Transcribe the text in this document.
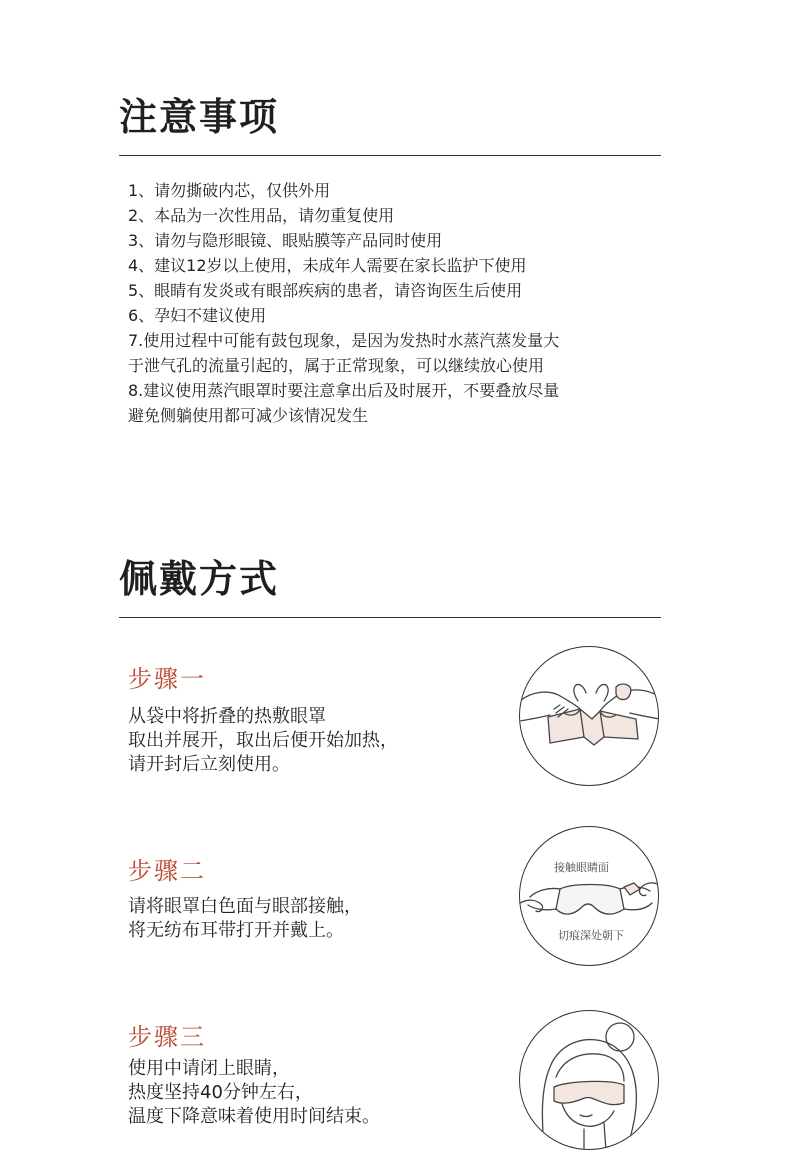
注意事项
1、请勿撕破内芯，仅供外用
2、本品为一次性用品，请勿重复使用
3、请勿与隐形眼镜、眼贴膜等产品同时使用
4、建议12岁以上使用，未成年人需要在家长监护下使用
5、眼睛有发炎或有眼部疾病的患者，请咨询医生后使用
6、孕妇不建议使用
7.使用过程中可能有鼓包现象，是因为发热时水蒸汽蒸发量大于泄气孔的流量引起的，属于正常现象，可以继续放心使用
8.建议使用蒸汽眼罩时要注意拿出后及时展开，不要叠放尽量避免侧躺使用都可减少该情况发生
佩戴方式
步骤一
从袋中将折叠的热敷眼罩
取出并展开，取出后便开始加热，
请开封后立刻使用。
步骤二
请将眼罩白色面与眼部接触，
将无纺布耳带打开并戴上。
接触眼睛面
切痕深处朝下
步骤三
使用中请闭上眼睛，
热度坚持40分钟左右，
温度下降意味着使用时间结束。
